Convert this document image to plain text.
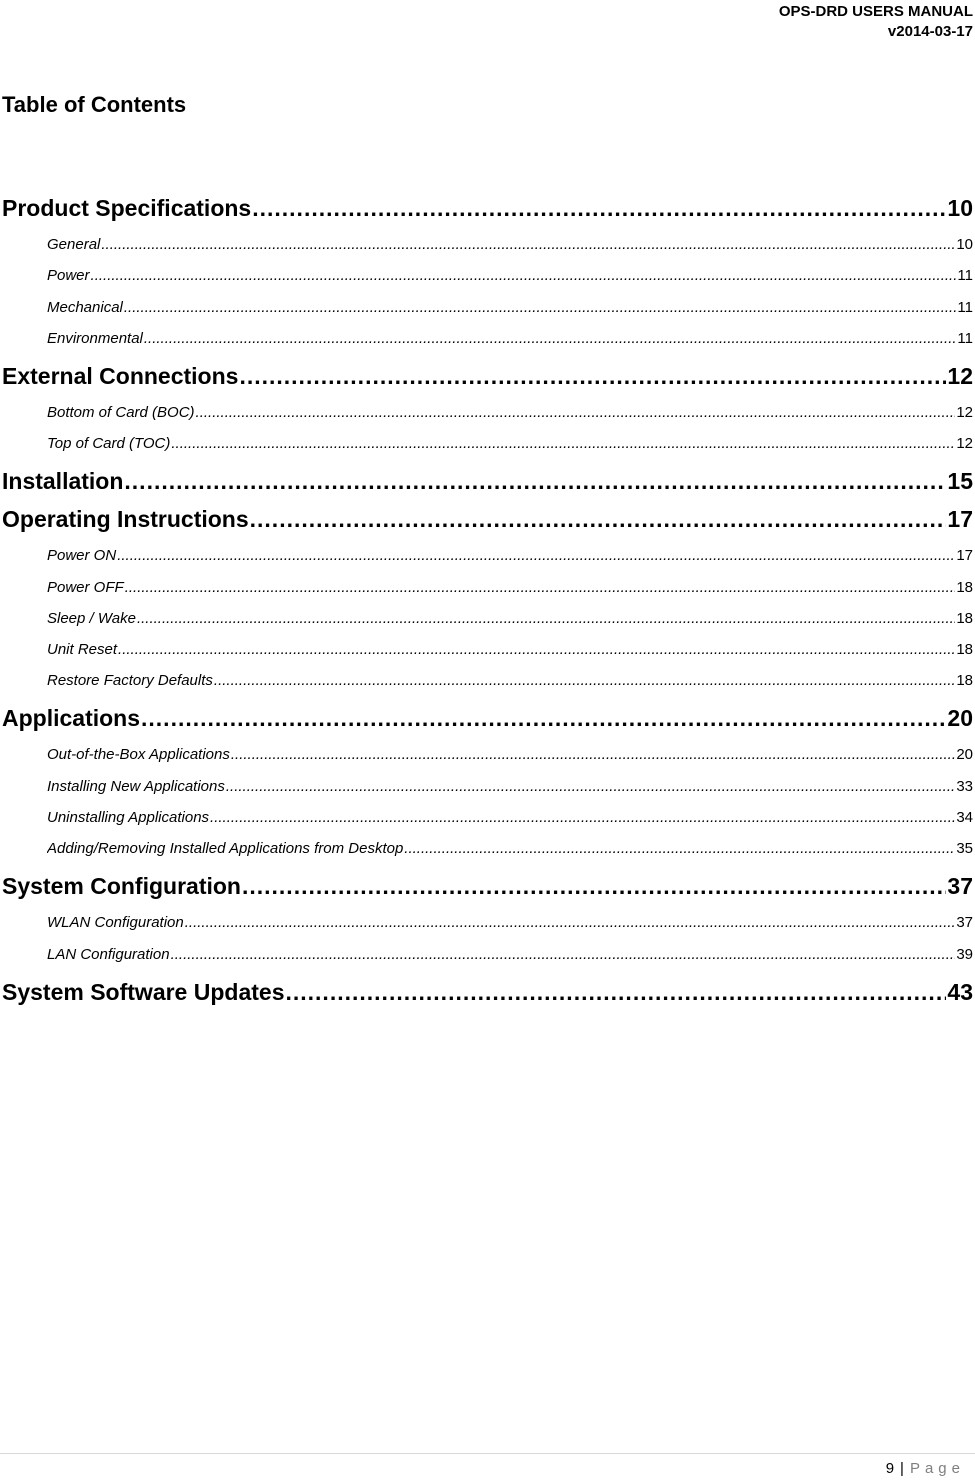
OPS-DRD USERS MANUAL
v2014-03-17
Table of Contents
Product Specifications .....	10
General .....	10
Power .....	11
Mechanical .....	11
Environmental .....	11
External Connections .....	12
Bottom of Card (BOC) .....	12
Top of Card (TOC) .....	12
Installation .....	15
Operating Instructions .....	17
Power ON .....	17
Power OFF .....	18
Sleep / Wake .....	18
Unit Reset .....	18
Restore Factory Defaults .....	18
Applications .....	20
Out-of-the-Box Applications .....	20
Installing New Applications .....	33
Uninstalling Applications .....	34
Adding/Removing Installed Applications from Desktop .....	35
System Configuration .....	37
WLAN Configuration .....	37
LAN Configuration .....	39
System Software Updates .....	43
9 | Page
